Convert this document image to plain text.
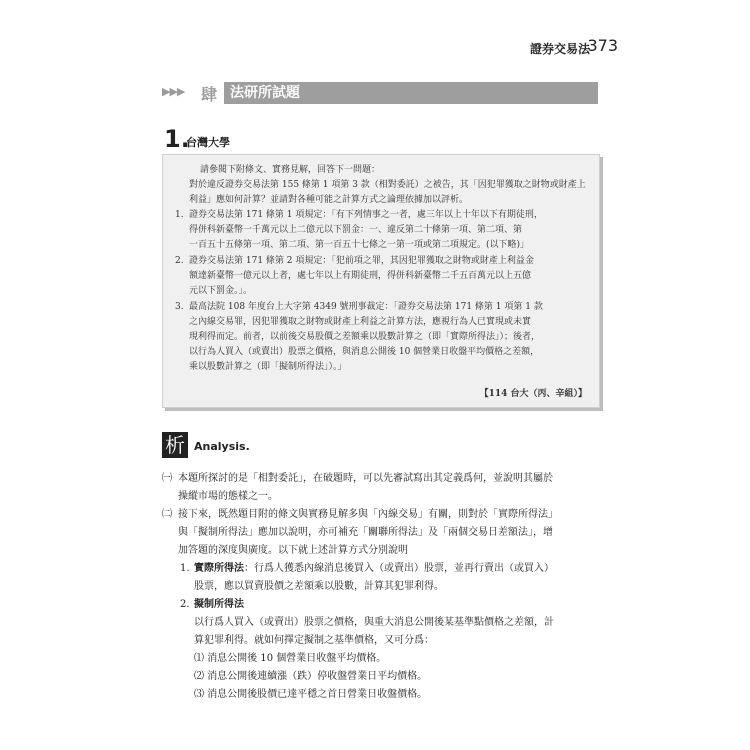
證券交易法
373
▶▶▶ 肆 法研所試題
1.
台灣大學

請參閱下附條文、實務見解，回答下一問題：

對於違反證券交易法第 155 條第 1 項第 3 款（相對委託）之被告，其「因犯罪獲取之財物或財產上利益」應如何計算？並請對各種可能之計算方式之論理依據加以評析。

1. 證券交易法第 171 條第 1 項規定：「有下列情事之一者，處三年以上十年以下有期徒刑，
得併科新臺幣一千萬元以上二億元以下罰金：一、違反第二十條第一項、第二項、第
一百五十五條第一項、第二項、第一百五十七條之一第一項或第二項規定。(以下略)」

2. 證券交易法第 171 條第 2 項規定：「犯前項之罪，其因犯罪獲取之財物或財產上利益金
額達新臺幣一億元以上者，處七年以上有期徒刑，得併科新臺幣二千五百萬元以上五億
元以下罰金。」。

3. 最高法院 108 年度台上大字第 4349 號刑事裁定：「證券交易法第 171 條第 1 項第 1 款
之內線交易罪，因犯罪獲取之財物或財產上利益之計算方法，應視行為人已實現或未實
現利得而定。前者，以前後交易股價之差額乘以股數計算之（即「實際所得法」）；後者，
以行為人買入（或賣出）股票之價格，與消息公開後 10 個營業日收盤平均價格之差額，
乘以股數計算之（即「擬制所得法」）。」

【114 台大（丙、辛組）】

析 Analysis.

㈠ 本題所探討的是「相對委託」，在破題時，可以先審試寫出其定義爲何，並說明其屬於
操縱市場的態樣之一。

㈡ 接下來，既然題目附的條文與實務見解多與「內線交易」有關，則對於「實際所得法」
與「擬制所得法」應加以說明，亦可補充「關聯所得法」及「兩個交易日差額法」，增
加答題的深度與廣度。以下就上述計算方式分別說明

1. 實際所得法：行爲人獲悉內線消息後買入（或賣出）股票，並再行賣出（或買入）
股票，應以買賣股價之差額乘以股數，計算其犯罪利得。

2. 擬制所得法
以行爲人買入（或賣出）股票之價格，與重大消息公開後某基準點價格之差額，計
算犯罪利得。就如何擇定擬制之基準價格，又可分爲：

⑴ 消息公開後 10 個營業日收盤平均價格。

⑵ 消息公開後連續漲（跌）停收盤營業日平均價格。

⑶ 消息公開後股價已達平穩之首日營業日收盤價格。
